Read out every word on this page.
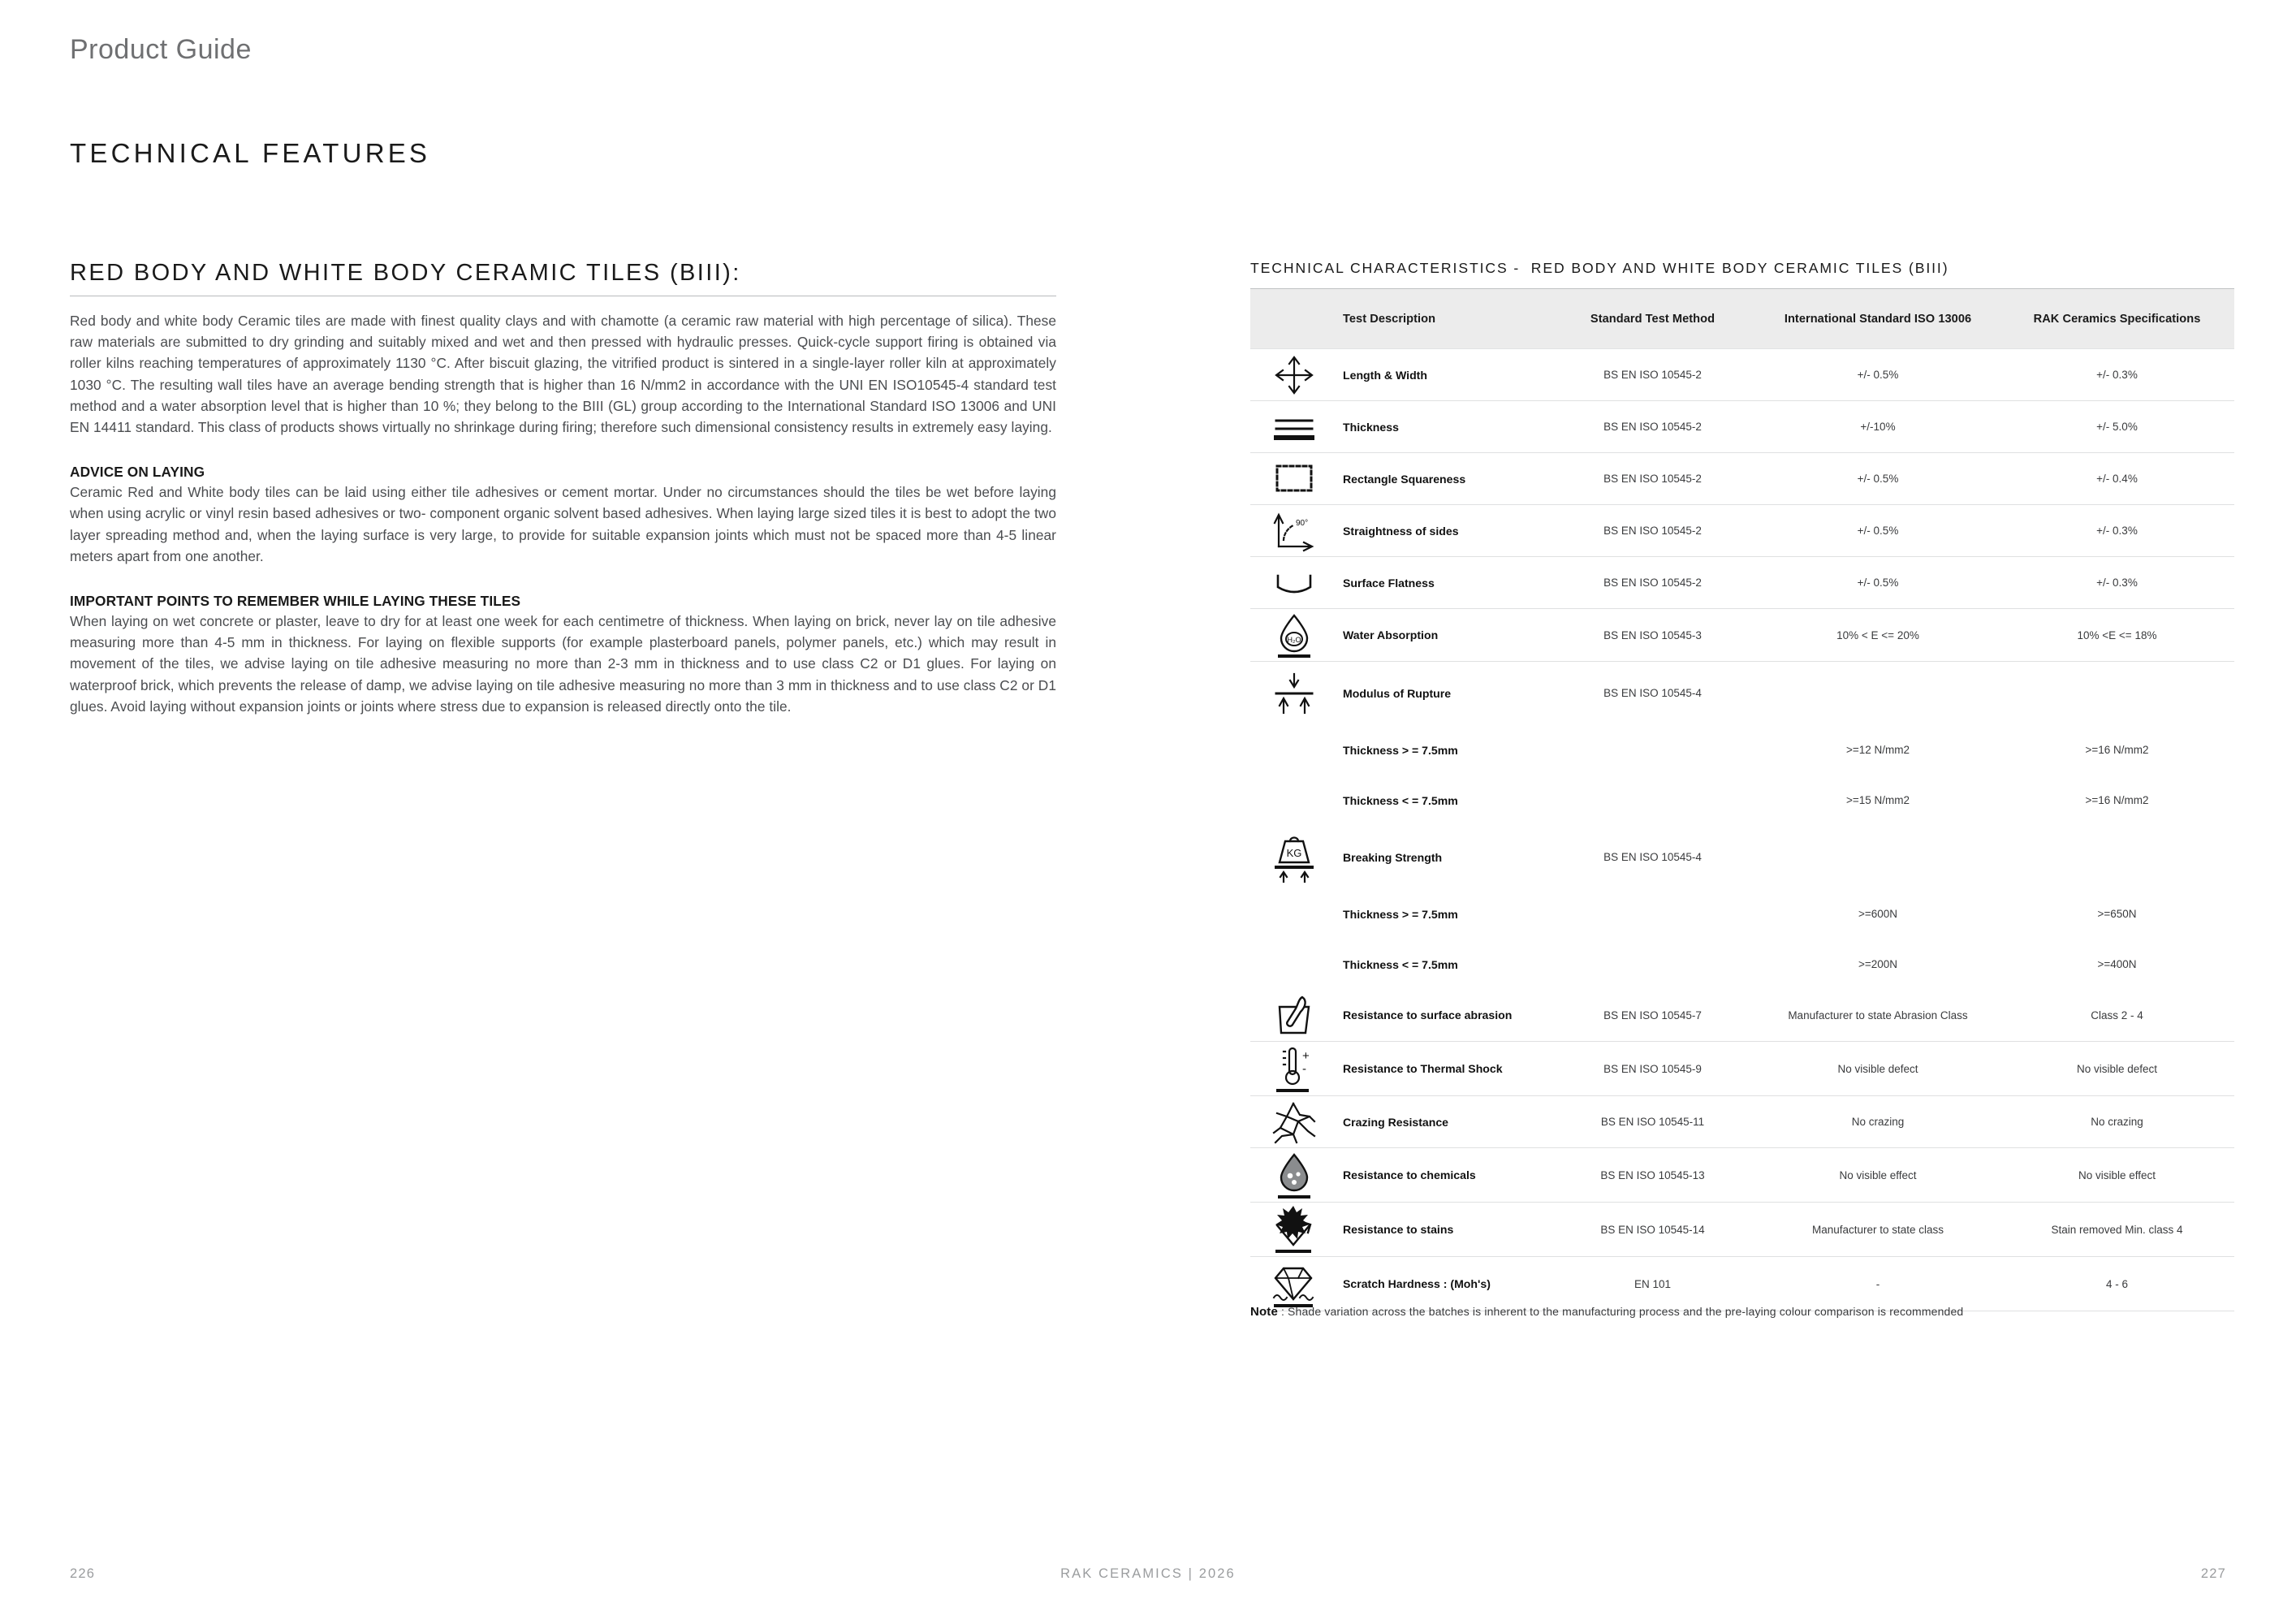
Product Guide
TECHNICAL FEATURES
RED BODY AND WHITE BODY CERAMIC TILES (BIII):

Red body and white body Ceramic tiles are made with finest quality clays and with chamotte (a ceramic raw material with high percentage of silica). These raw materials are submitted to dry grinding and suitably mixed and wet and then pressed with hydraulic presses. Quick-cycle support firing is obtained via roller kilns reaching temperatures of approximately 1130 °C. After biscuit glazing, the vitrified product is sintered in a single-layer roller kiln at approximately 1030 °C. The resulting wall tiles have an average bending strength that is higher than 16 N/mm2 in accordance with the UNI EN ISO10545-4 standard test method and a water absorption level that is higher than 10 %; they belong to the BIII (GL) group according to the International Standard ISO 13006 and UNI EN 14411 standard. This class of products shows virtually no shrinkage during firing; therefore such dimensional consistency results in extremely easy laying.

ADVICE ON LAYING

Ceramic Red and White body tiles can be laid using either tile adhesives or cement mortar. Under no circumstances should the tiles be wet before laying when using acrylic or vinyl resin based adhesives or two- component organic solvent based adhesives. When laying large sized tiles it is best to adopt the two layer spreading method and, when the laying surface is very large, to provide for suitable expansion joints which must not be spaced more than 4-5 linear meters apart from one another.

IMPORTANT POINTS TO REMEMBER WHILE LAYING THESE TILES

When laying on wet concrete or plaster, leave to dry for at least one week for each centimetre of thickness. When laying on brick, never lay on tile adhesive measuring more than 4-5 mm in thickness. For laying on flexible supports (for example plasterboard panels, polymer panels, etc.) which may result in movement of the tiles, we advise laying on tile adhesive measuring no more than 2-3 mm in thickness and to use class C2 or D1 glues. For laying on waterproof brick, which prevents the release of damp, we advise laying on tile adhesive measuring no more than 3 mm in thickness and to use class C2 or D1 glues. Avoid laying without expansion joints or joints where stress due to expansion is released directly onto the tile.

226	227
RAK CERAMICS | 2026
TECHNICAL CHARACTERISTICS -  RED BODY AND WHITE BODY CERAMIC TILES (BIII)
	Test Description	Standard Test Method	International Standard ISO 13006	RAK Ceramics Specifications

	Length & Width	BS EN ISO 10545-2	+/- 0.5%	+/- 0.3%

	Thickness	BS EN ISO 10545-2	+/-10%	+/- 5.0%

	Rectangle Squareness	BS EN ISO 10545-2	+/- 0.5%	+/- 0.4%

90°	Straightness of sides	BS EN ISO 10545-2	+/- 0.5%	+/- 0.3%

	Surface Flatness	BS EN ISO 10545-2	+/- 0.5%	+/- 0.3%

H₂O	Water Absorption	BS EN ISO 10545-3	10% < E <= 20%	10% <E <= 18%

	Modulus of Rupture	BS EN ISO 10545-4		
	Thickness > = 7.5mm		>=12 N/mm2	>=16 N/mm2
	Thickness < = 7.5mm		>=15 N/mm2	>=16 N/mm2

KG	Breaking Strength	BS EN ISO 10545-4		
	Thickness > = 7.5mm		>=600N	>=650N
	Thickness < = 7.5mm		>=200N	>=400N

	Resistance to surface abrasion	BS EN ISO 10545-7	Manufacturer to state Abrasion Class	Class 2 - 4

+
-	Resistance to Thermal Shock	BS EN ISO 10545-9	No visible defect	No visible defect

	Crazing Resistance	BS EN ISO 10545-11	No crazing	No crazing

	Resistance to chemicals	BS EN ISO 10545-13	No visible effect	No visible effect

	Resistance to stains	BS EN ISO 10545-14	Manufacturer to state class	Stain removed Min. class 4

	Scratch Hardness : (Moh's)	EN 101	-	4 - 6
Note : Shade variation across the batches is inherent to the manufacturing process and the pre-laying colour comparison is recommended
